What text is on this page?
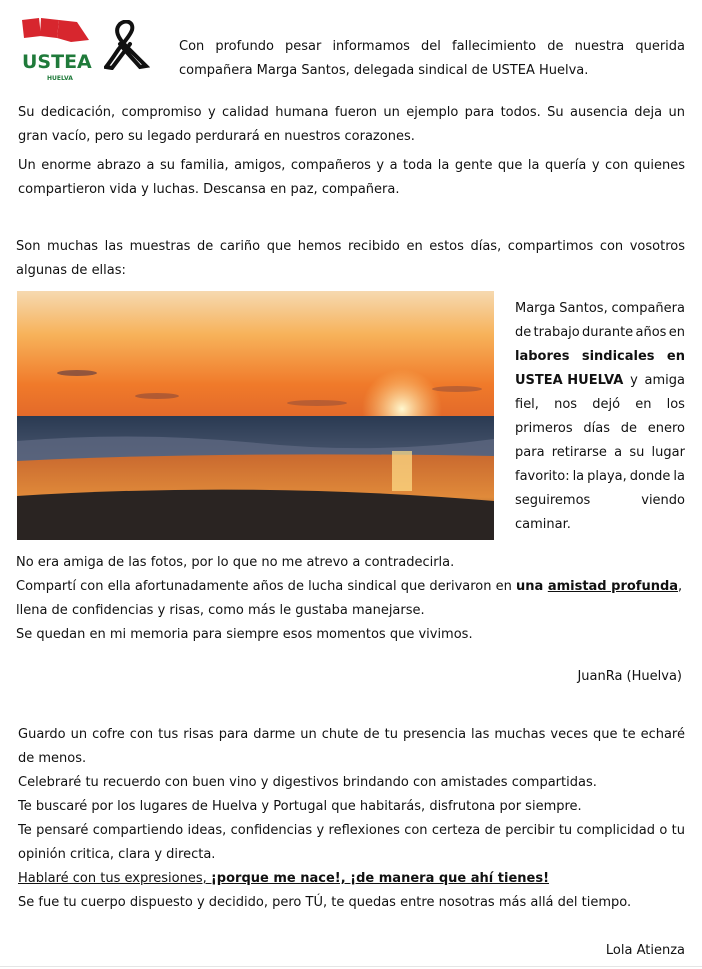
USTEA
HUELVA

Con profundo pesar informamos del fallecimiento de nuestra querida compañera Marga Santos, delegada sindical de USTEA Huelva.

Su dedicación, compromiso y calidad humana fueron un ejemplo para todos. Su ausencia deja un gran vacío, pero su legado perdurará en nuestros corazones.

Un enorme abrazo a su familia, amigos, compañeros y a toda la gente que la quería y con quienes compartieron vida y luchas. Descansa en paz, compañera.

Son muchas las muestras de cariño que hemos recibido en estos días, compartimos con vosotros algunas de ellas:

Marga Santos, compañera
de trabajo durante años en
labores sindicales en
USTEA HUELVA y amiga
fiel, nos dejó en los
primeros días de enero
para retirarse a su lugar
favorito: la playa, donde la
seguiremos	viendo
caminar.

No era amiga de las fotos, por lo que no me atrevo a contradecirla.

Compartí con ella afortunadamente años de lucha sindical que derivaron en una amistad profunda, llena de confidencias y risas, como más le gustaba manejarse.

Se quedan en mi memoria para siempre esos momentos que vivimos.

JuanRa (Huelva)

Guardo un cofre con tus risas para darme un chute de tu presencia las muchas veces que te echaré de menos.

Celebraré tu recuerdo con buen vino y digestivos brindando con amistades compartidas.

Te buscaré por los lugares de Huelva y Portugal que habitarás, disfrutona por siempre.

Te pensaré compartiendo ideas, confidencias y reflexiones con certeza de percibir tu complicidad o tu opinión critica, clara y directa.

Hablaré con tus expresiones, ¡porque me nace!, ¡de manera que ahí tienes!

Se fue tu cuerpo dispuesto y decidido, pero TÚ, te quedas entre nosotras más allá del tiempo.

Lola Atienza
